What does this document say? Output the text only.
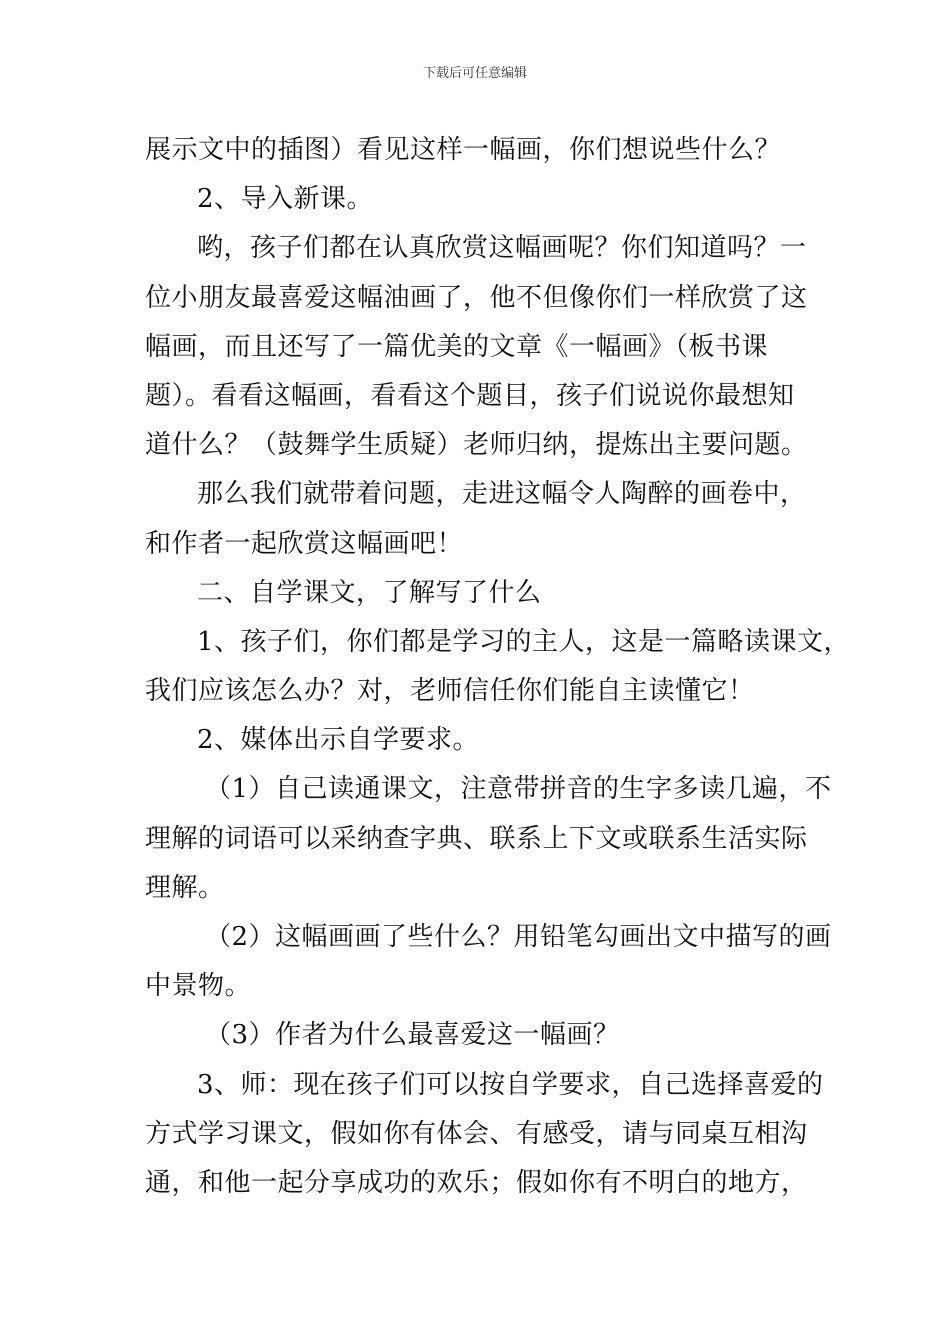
下载后可任意编辑
展示文中的插图）看见这样一幅画，你们想说些什么？
2、导入新课。
哟，孩子们都在认真欣赏这幅画呢？你们知道吗？一
位小朋友最喜爱这幅油画了，他不但像你们一样欣赏了这
幅画，而且还写了一篇优美的文章《一幅画》（板书课
题）。看看这幅画，看看这个题目，孩子们说说你最想知
道什么？（鼓舞学生质疑）老师归纳，提炼出主要问题。
那么我们就带着问题，走进这幅令人陶醉的画卷中，
和作者一起欣赏这幅画吧！
二、自学课文，了解写了什么
1、孩子们，你们都是学习的主人，这是一篇略读课文，
我们应该怎么办？对，老师信任你们能自主读懂它！
2、媒体出示自学要求。
（1）自己读通课文，注意带拼音的生字多读几遍，不
理解的词语可以采纳查字典、联系上下文或联系生活实际
理解。
（2）这幅画画了些什么？用铅笔勾画出文中描写的画
中景物。
（3）作者为什么最喜爱这一幅画？
3、师：现在孩子们可以按自学要求，自己选择喜爱的
方式学习课文，假如你有体会、有感受，请与同桌互相沟
通，和他一起分享成功的欢乐；假如你有不明白的地方，
